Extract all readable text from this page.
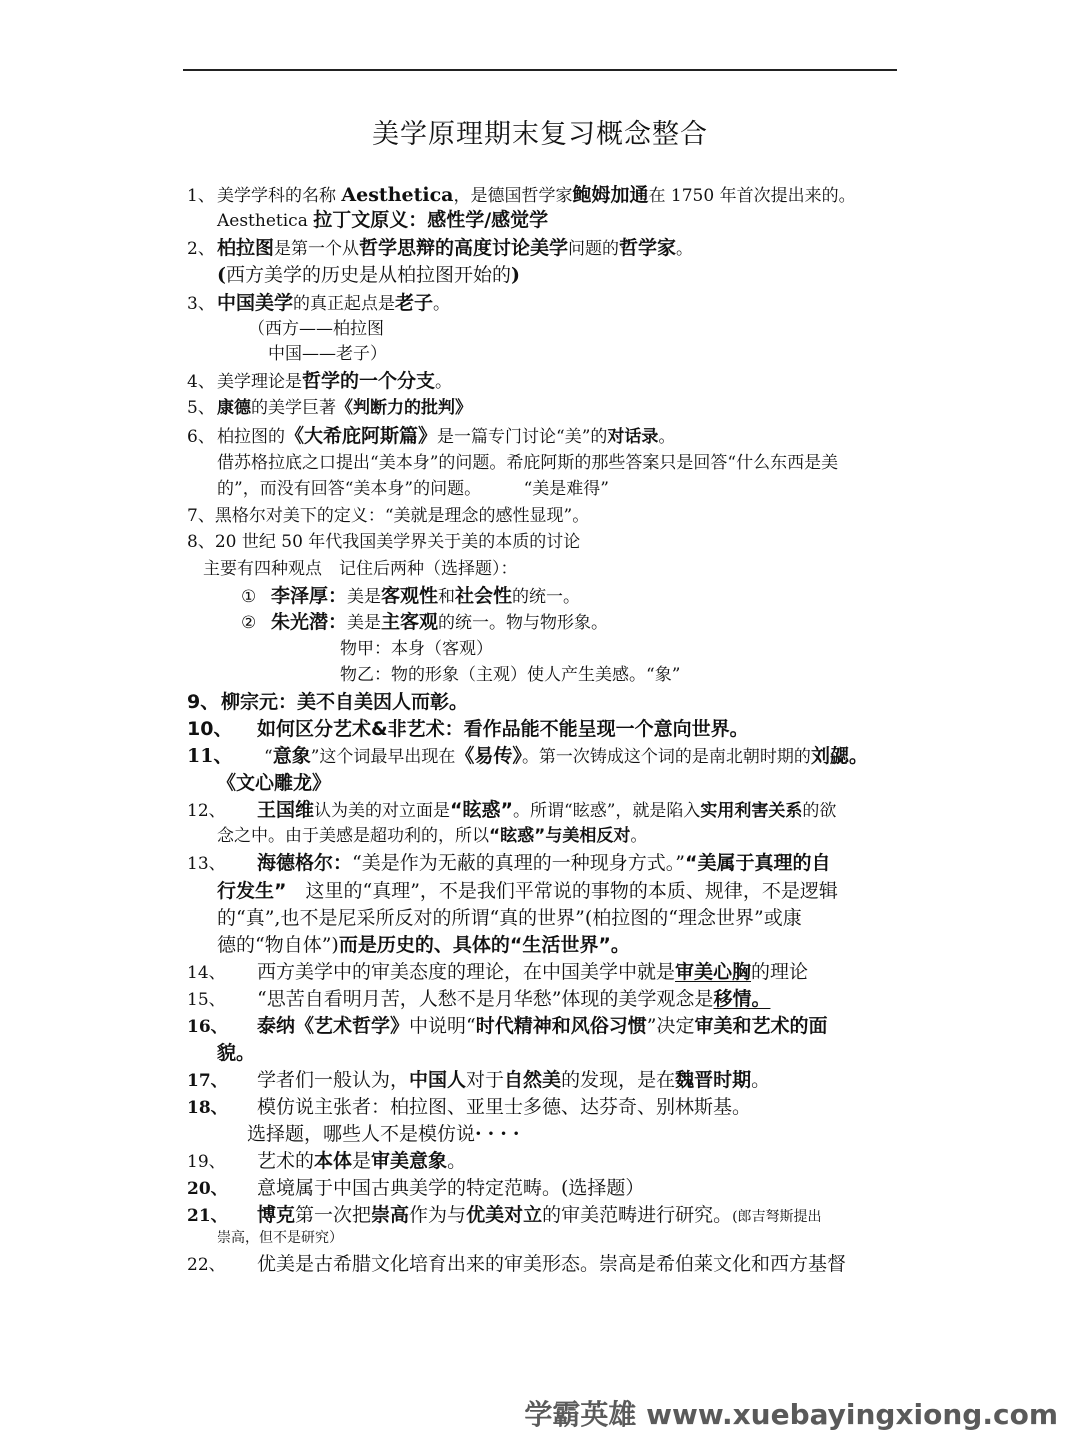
美学原理期末复习概念整合
1、 美学学科的名称 Aesthetica，是德国哲学家鲍姆加通在 1750 年首次提出来的。
Aesthetica 拉丁文原义：感性学/感觉学
2、 柏拉图是第一个从哲学思辩的高度讨论美学问题的哲学家。
(西方美学的历史是从柏拉图开始的)
3、 中国美学的真正起点是老子。
（西方——柏拉图
中国——老子）
4、 美学理论是哲学的一个分支。
5、 康德的美学巨著《判断力的批判》
6、 柏拉图的《大希庇阿斯篇》是一篇专门讨论“美”的对话录。
借苏格拉底之口提出“美本身”的问题。希庇阿斯的那些答案只是回答“什么东西是美
的”，而没有回答“美本身”的问题。　　　“美是难得”
7、黑格尔对美下的定义：“美就是理念的感性显现”。
8、20 世纪 50 年代我国美学界关于美的本质的讨论
主要有四种观点　记住后两种（选择题）：
① 李泽厚：美是客观性和社会性的统一。
② 朱光潜：美是主客观的统一。物与物形象。
物甲：本身（客观）
物乙：物的形象（主观）使人产生美感。“象”
9、柳宗元：美不自美因人而彰。
10、 如何区分艺术&非艺术：看作品能不能呈现一个意向世界。
11、 “意象”这个词最早出现在《易传》。第一次铸成这个词的是南北朝时期的刘勰。
《文心雕龙》
12、 王国维认为美的对立面是“眩惑”。所谓“眩惑”，就是陷入实用利害关系的欲
念之中。由于美感是超功利的，所以“眩惑”与美相反对。
13、 海德格尔：“美是作为无蔽的真理的一种现身方式。”“美属于真理的自
行发生”　这里的“真理”，不是我们平常说的事物的本质、规律，不是逻辑
的“真”,也不是尼采所反对的所谓“真的世界”(柏拉图的“理念世界”或康
德的“物自体”)而是历史的、具体的“生活世界”。
14、 西方美学中的审美态度的理论，在中国美学中就是审美心胸的理论
15、 “思苦自看明月苦，人愁不是月华愁”体现的美学观念是移情。
16、 泰纳《艺术哲学》中说明“时代精神和风俗习惯”决定审美和艺术的面
貌。
17、 学者们一般认为，中国人对于自然美的发现，是在魏晋时期。
18、 模仿说主张者：柏拉图、亚里士多德、达芬奇、别林斯基。
选择题，哪些人不是模仿说····
19、 艺术的本体是审美意象。
20、 意境属于中国古典美学的特定范畴。(选择题）
21、 博克第一次把崇高作为与优美对立的审美范畴进行研究。(郎吉弩斯提出
崇高，但不是研究）
22、 优美是古希腊文化培育出来的审美形态。崇高是希伯莱文化和西方基督
学霸英雄 www.xuebayingxiong.com
